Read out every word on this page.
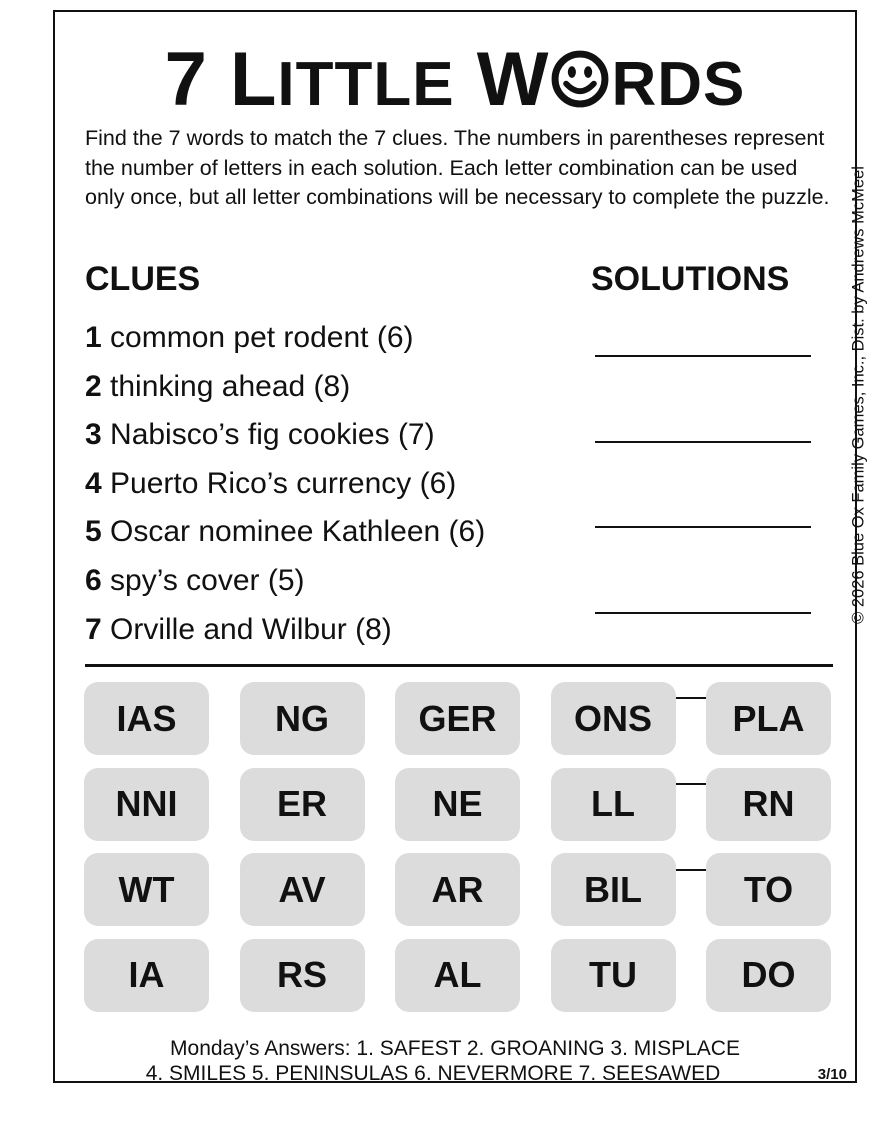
7 LITTLE W RDS
Find the 7 words to match the 7 clues. The numbers in parentheses represent the number of letters in each solution. Each letter combination can be used only once, but all letter combinations will be necessary to complete the puzzle.
CLUES	SOLUTIONS
1 common pet rodent (6)
2 thinking ahead (8)
3 Nabisco’s fig cookies (7)
4 Puerto Rico’s currency (6)
5 Oscar nominee Kathleen (6)
6 spy’s cover (5)
7 Orville and Wilbur (8)
© 2026 Blue Ox Family Games, Inc., Dist. by Andrews McMeel
IAS	NG	GER	ONS	PLA
NNI	ER	NE	LL	RN
WT	AV	AR	BIL	TO
IA	RS	AL	TU	DO
Monday’s Answers: 1. SAFEST 2. GROANING 3. MISPLACE
4. SMILES 5. PENINSULAS 6. NEVERMORE 7. SEESAWED	3/10
